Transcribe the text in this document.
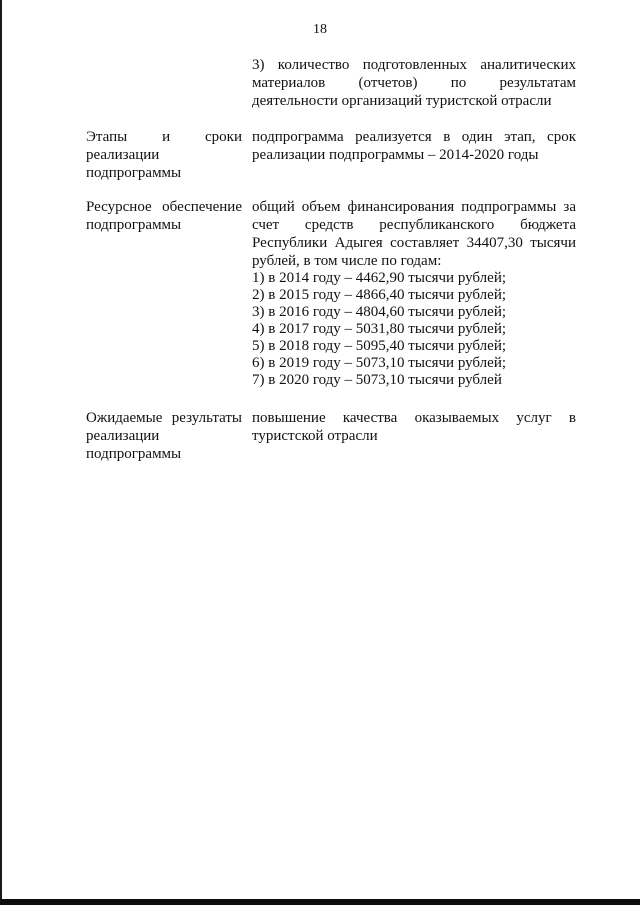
18
3) количество подготовленных аналитических материалов (отчетов) по результатам деятельности организаций туристской отрасли
Этапы и сроки реализации подпрограммы
подпрограмма реализуется в один этап, срок реализации подпрограммы – 2014-2020 годы
Ресурсное обеспечение подпрограммы
общий объем финансирования подпрограммы за счет средств республиканского бюджета Республики Адыгея составляет 34407,30 тысячи рублей, в том числе по годам:
1) в 2014 году – 4462,90 тысячи рублей;
2) в 2015 году – 4866,40 тысячи рублей;
3) в 2016 году – 4804,60 тысячи рублей;
4) в 2017 году – 5031,80 тысячи рублей;
5) в 2018 году – 5095,40 тысячи рублей;
6) в 2019 году – 5073,10 тысячи рублей;
7) в 2020 году – 5073,10 тысячи рублей
Ожидаемые результаты реализации подпрограммы
повышение качества оказываемых услуг в туристской отрасли
